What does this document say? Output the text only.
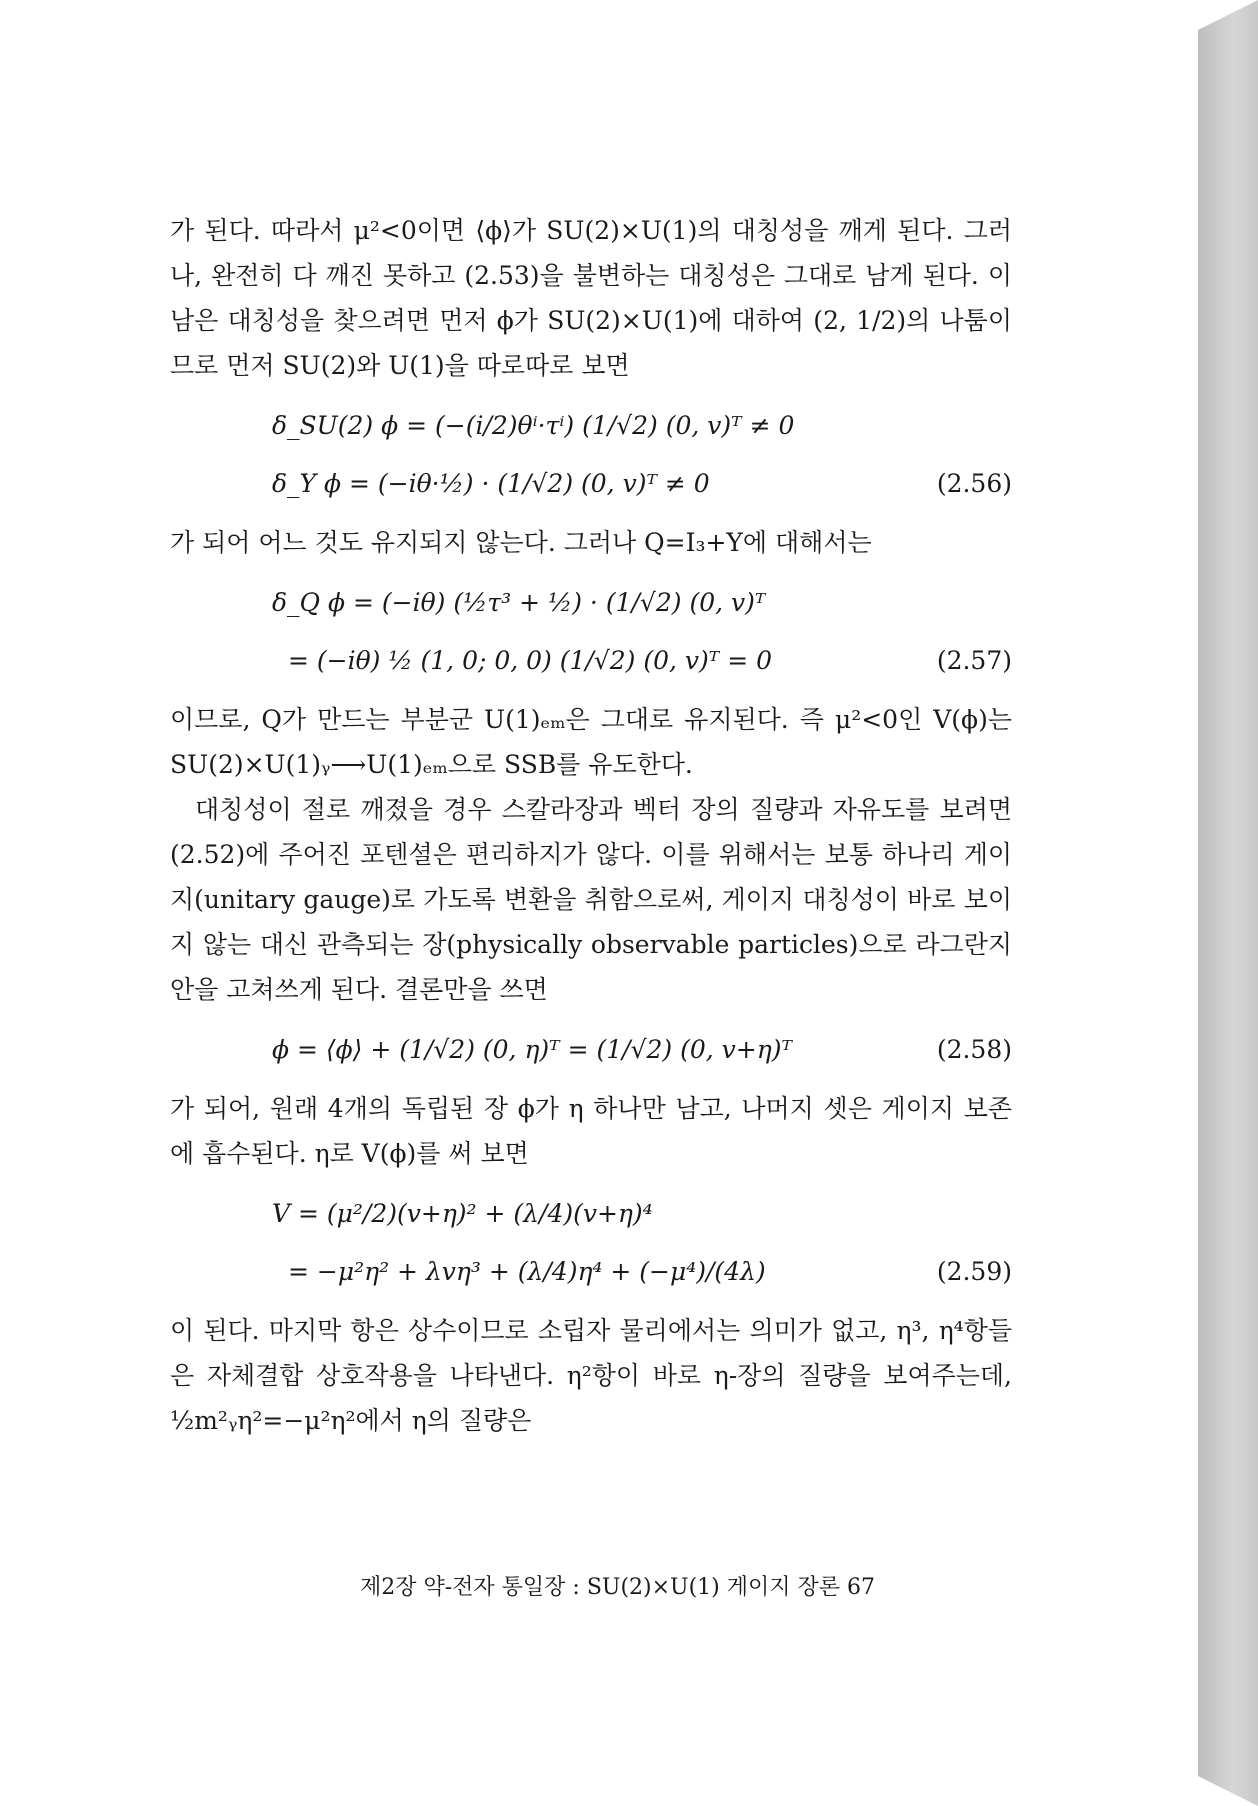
가 된다. 따라서 μ²<0이면 ⟨ϕ⟩가 SU(2)×U(1)의 대칭성을 깨게 된다. 그러나, 완전히 다 깨진 못하고 (2.53)을 불변하는 대칭성은 그대로 남게 된다. 이 남은 대칭성을 찾으려면 먼저 ϕ가 SU(2)×U(1)에 대하여 (2, 1/2)의 나툼이므로 먼저 SU(2)와 U(1)을 따로따로 보면

δ_SU(2) ϕ = (−(i/2)θⁱ·τⁱ) (1/√2) (0, v)ᵀ ≠ 0
δ_Y ϕ = (−iθ·½) · (1/√2) (0, v)ᵀ ≠ 0	(2.56)

가 되어 어느 것도 유지되지 않는다. 그러나 Q=I₃+Y에 대해서는

δ_Q ϕ = (−iθ) (½τ³ + ½) · (1/√2) (0, v)ᵀ
= (−iθ) ½ (1, 0; 0, 0) (1/√2) (0, v)ᵀ = 0	(2.57)

이므로, Q가 만드는 부분군 U(1)ₑₘ은 그대로 유지된다. 즉 μ²<0인 V(ϕ)는 SU(2)×U(1)ᵧ⟶U(1)ₑₘ으로 SSB를 유도한다.

대칭성이 절로 깨졌을 경우 스칼라장과 벡터 장의 질량과 자유도를 보려면 (2.52)에 주어진 포텐셜은 편리하지가 않다. 이를 위해서는 보통 하나리 게이지(unitary gauge)로 가도록 변환을 취함으로써, 게이지 대칭성이 바로 보이지 않는 대신 관측되는 장(physically observable particles)으로 라그란지안을 고쳐쓰게 된다. 결론만을 쓰면

ϕ = ⟨ϕ⟩ + (1/√2) (0, η)ᵀ = (1/√2) (0, v+η)ᵀ	(2.58)

가 되어, 원래 4개의 독립된 장 ϕ가 η 하나만 남고, 나머지 셋은 게이지 보존에 흡수된다. η로 V(ϕ)를 써 보면

V = (μ²/2)(v+η)² + (λ/4)(v+η)⁴
= −μ²η² + λvη³ + (λ/4)η⁴ + (−μ⁴)/(4λ)	(2.59)

이 된다. 마지막 항은 상수이므로 소립자 물리에서는 의미가 없고, η³, η⁴항들은 자체결합 상호작용을 나타낸다. η²항이 바로 η-장의 질량을 보여주는데, ½m²ᵧη²=−μ²η²에서 η의 질량은

제2장 약-전자 통일장 : SU(2)×U(1) 게이지 장론 67
